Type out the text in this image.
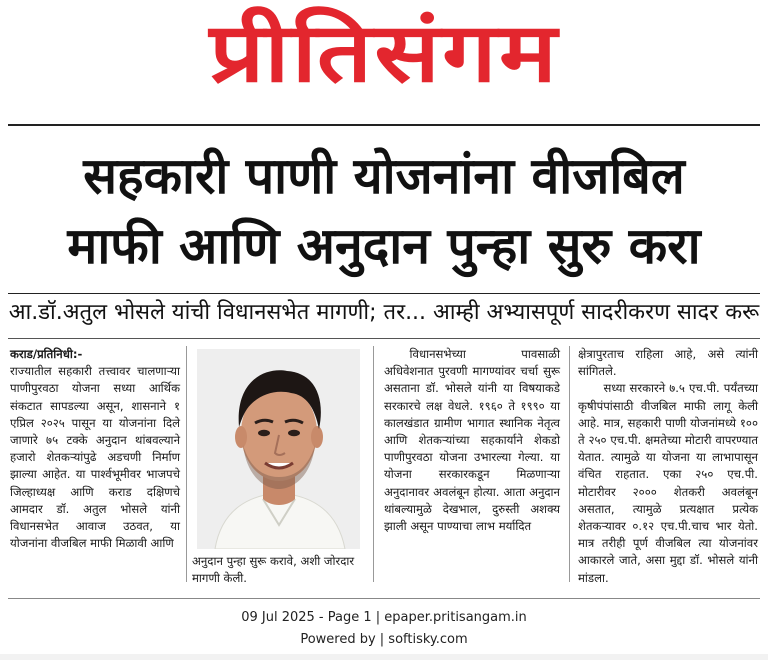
प्रीतिसंगम
सहकारी पाणी योजनांना वीजबिल
माफी आणि अनुदान पुन्हा सुरु करा
आ.डॉ.अतुल भोसले यांची विधानसभेत मागणी; तर... आम्ही अभ्यासपूर्ण सादरीकरण सादर करू

कराड/प्रतिनिधी:-

राज्यातील सहकारी तत्त्वावर चालणाऱ्या पाणीपुरवठा योजना सध्या आर्थिक संकटात सापडल्या असून, शासनाने १ एप्रिल २०२५ पासून या योजनांना दिले जाणारे ७५ टक्के अनुदान थांबवल्याने हजारो शेतकऱ्यांपुढे अडचणी निर्माण झाल्या आहेत. या पार्श्वभूमीवर भाजपचे जिल्हाध्यक्ष आणि कराड दक्षिणचे आमदार डॉ. अतुल भोसले यांनी विधानसभेत आवाज उठवत, या योजनांना वीजबिल माफी मिळावी आणि

अनुदान पुन्हा सुरू करावे, अशी जोरदार मागणी केली.

विधानसभेच्या पावसाळी अधिवेशनात पुरवणी मागण्यांवर चर्चा सुरू असताना डॉ. भोसले यांनी या विषयाकडे सरकारचे लक्ष वेधले. १९६० ते १९९० या कालखंडात ग्रामीण भागात स्थानिक नेतृत्व आणि शेतकऱ्यांच्या सहकार्याने शेकडो पाणीपुरवठा योजना उभारल्या गेल्या. या योजना सरकारकडून मिळणाऱ्या अनुदानावर अवलंबून होत्या. आता अनुदान थांबल्यामुळे देखभाल, दुरुस्ती अशक्य झाली असून पाण्याचा लाभ मर्यादित

क्षेत्रापुरताच राहिला आहे, असे त्यांनी सांगितले.

सध्या सरकारने ७.५ एच.पी. पर्यंतच्या कृषीपंपांसाठी वीजबिल माफी लागू केली आहे. मात्र, सहकारी पाणी योजनांमध्ये १०० ते २५० एच.पी. क्षमतेच्या मोटारी वापरण्यात येतात. त्यामुळे या योजना या लाभापासून वंचित राहतात. एका २५० एच.पी. मोटारीवर २००० शेतकरी अवलंबून असतात, त्यामुळे प्रत्यक्षात प्रत्येक शेतकऱ्यावर ०.१२ एच.पी.चाच भार येतो. मात्र तरीही पूर्ण वीजबिल त्या योजनांवर आकारले जाते, असा मुद्दा डॉ. भोसले यांनी मांडला.

09 Jul 2025 - Page 1 | epaper.pritisangam.in
Powered by | softisky.com
